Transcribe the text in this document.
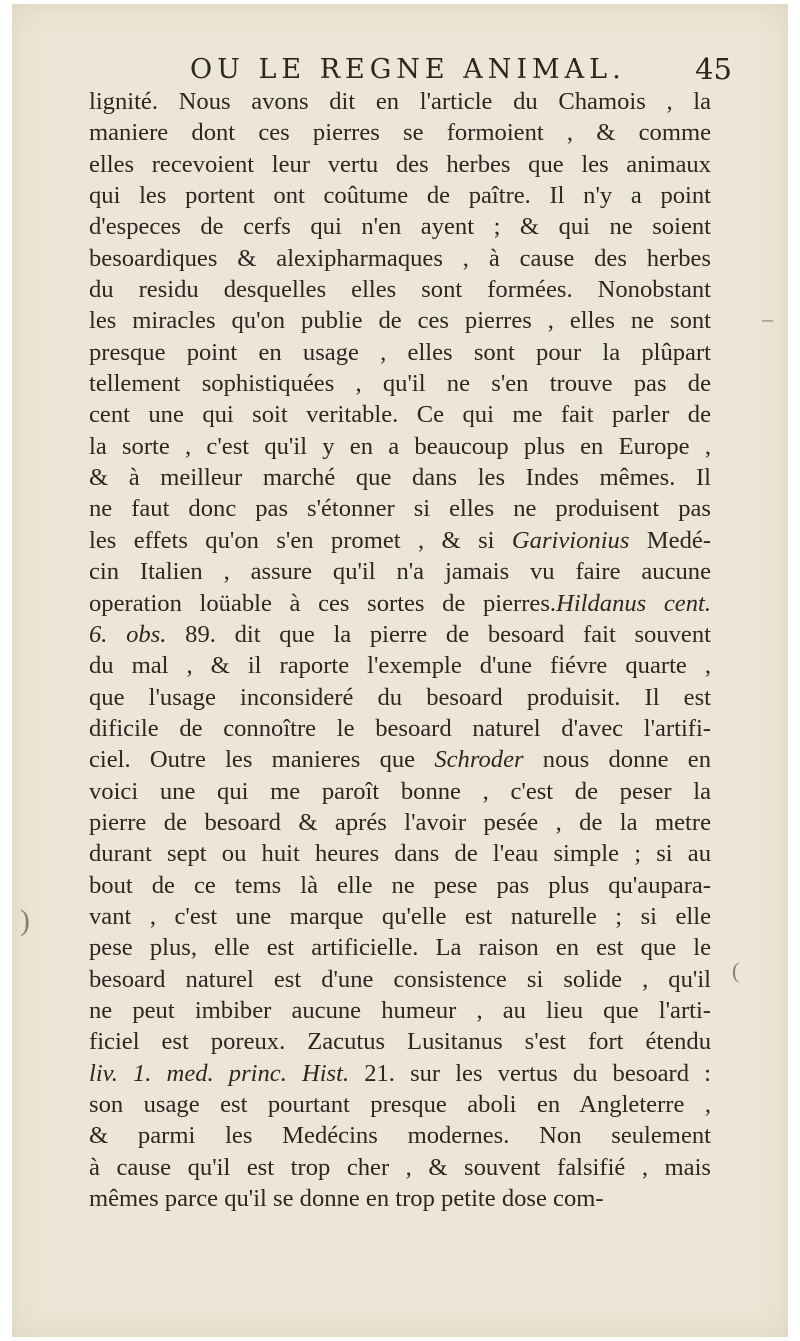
OU LE REGNE ANIMAL. 45
lignité. Nous avons dit en l'article du Chamois , la
maniere dont ces pierres se formoient , & comme
elles recevoient leur vertu des herbes que les animaux
qui les portent ont coûtume de paître. Il n'y a point
d'especes de cerfs qui n'en ayent ; & qui ne soient
besoardiques & alexipharmaques , à cause des herbes
du residu desquelles elles sont formées. Nonobstant
les miracles qu'on publie de ces pierres , elles ne sont
presque point en usage , elles sont pour la plûpart
tellement sophistiquées , qu'il ne s'en trouve pas de
cent une qui soit veritable. Ce qui me fait parler de
la sorte , c'est qu'il y en a beaucoup plus en Europe ,
& à meilleur marché que dans les Indes mêmes. Il
ne faut donc pas s'étonner si elles ne produisent pas
les effets qu'on s'en promet , & si Garivionius Medé-
cin Italien , assure qu'il n'a jamais vu faire aucune
operation loüable à ces sortes de pierres.Hildanus cent.
6. obs. 89. dit que la pierre de besoard fait souvent
du mal , & il raporte l'exemple d'une fiévre quarte ,
que l'usage inconsideré du besoard produisit. Il est
dificile de connoître le besoard naturel d'avec l'artifi-
ciel. Outre les manieres que Schroder nous donne en
voici une qui me paroît bonne , c'est de peser la
pierre de besoard & aprés l'avoir pesée , de la metre
durant sept ou huit heures dans de l'eau simple ; si au
bout de ce tems là elle ne pese pas plus qu'aupara-
vant , c'est une marque qu'elle est naturelle ; si elle
pese plus, elle est artificielle. La raison en est que le
besoard naturel est d'une consistence si solide , qu'il
ne peut imbiber aucune humeur , au lieu que l'arti-
ficiel est poreux. Zacutus Lusitanus s'est fort étendu
liv. 1. med. princ. Hist. 21. sur les vertus du besoard :
son usage est pourtant presque aboli en Angleterre ,
& parmi les Medécins modernes. Non seulement
à cause qu'il est trop cher , & souvent falsifié , mais
mêmes parce qu'il se donne en trop petite dose com-
–
)
(
